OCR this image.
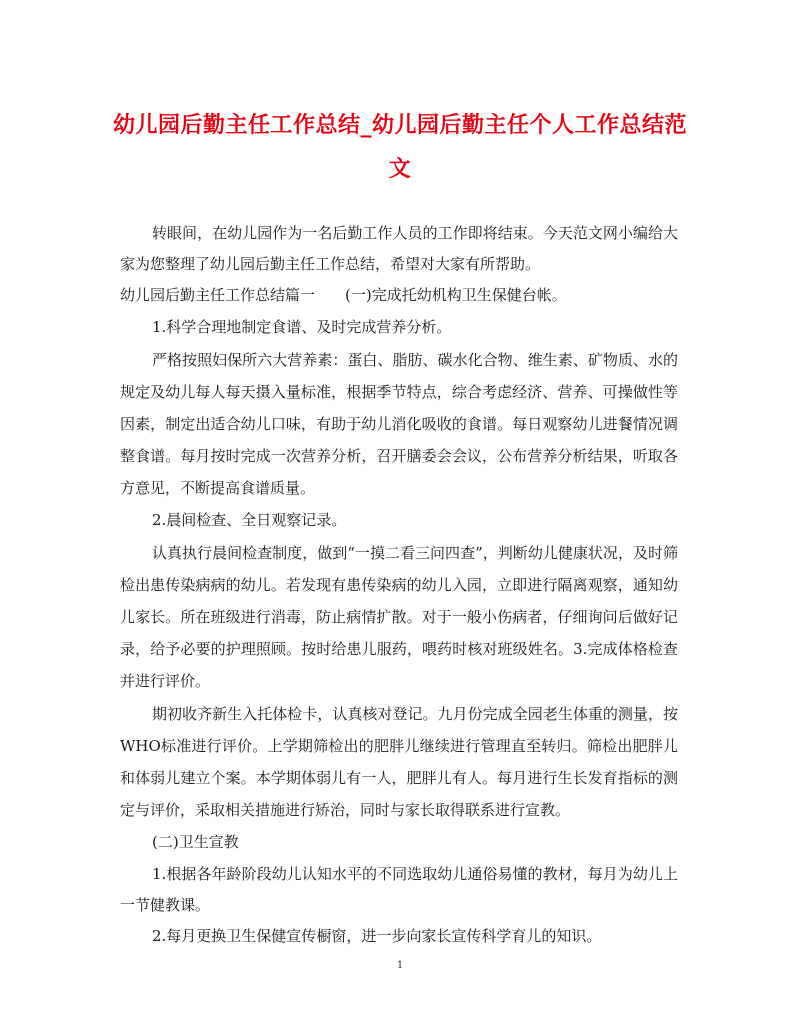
幼儿园后勤主任工作总结_幼儿园后勤主任个人工作总结范文

转眼间，在幼儿园作为一名后勤工作人员的工作即将结束。今天范文网小编给大家为您整理了幼儿园后勤主任工作总结，希望对大家有所帮助。

幼儿园后勤主任工作总结篇一　　(一)完成托幼机构卫生保健台帐。

1.科学合理地制定食谱、及时完成营养分析。

严格按照妇保所六大营养素：蛋白、脂肪、碳水化合物、维生素、矿物质、水的规定及幼儿每人每天摄入量标准，根据季节特点，综合考虑经济、营养、可操做性等因素，制定出适合幼儿口味，有助于幼儿消化吸收的食谱。每日观察幼儿进餐情况调整食谱。每月按时完成一次营养分析，召开膳委会会议，公布营养分析结果，听取各方意见，不断提高食谱质量。

2.晨间检查、全日观察记录。

认真执行晨间检查制度，做到“一摸二看三问四查”，判断幼儿健康状况，及时筛检出患传染病病的幼儿。若发现有患传染病的幼儿入园，立即进行隔离观察，通知幼儿家长。所在班级进行消毒，防止病情扩散。对于一般小伤病者，仔细询问后做好记录，给予必要的护理照顾。按时给患儿服药，喂药时核对班级姓名。3.完成体格检查并进行评价。

期初收齐新生入托体检卡，认真核对登记。九月份完成全园老生体重的测量，按WHO标准进行评价。上学期筛检出的肥胖儿继续进行管理直至转归。筛检出肥胖儿和体弱儿建立个案。本学期体弱儿有一人，肥胖儿有人。每月进行生长发育指标的测定与评价，采取相关措施进行矫治，同时与家长取得联系进行宣教。

(二)卫生宣教

1.根据各年龄阶段幼儿认知水平的不同选取幼儿通俗易懂的教材，每月为幼儿上一节健教课。

2.每月更换卫生保健宣传橱窗，进一步向家长宣传科学育儿的知识。

1
